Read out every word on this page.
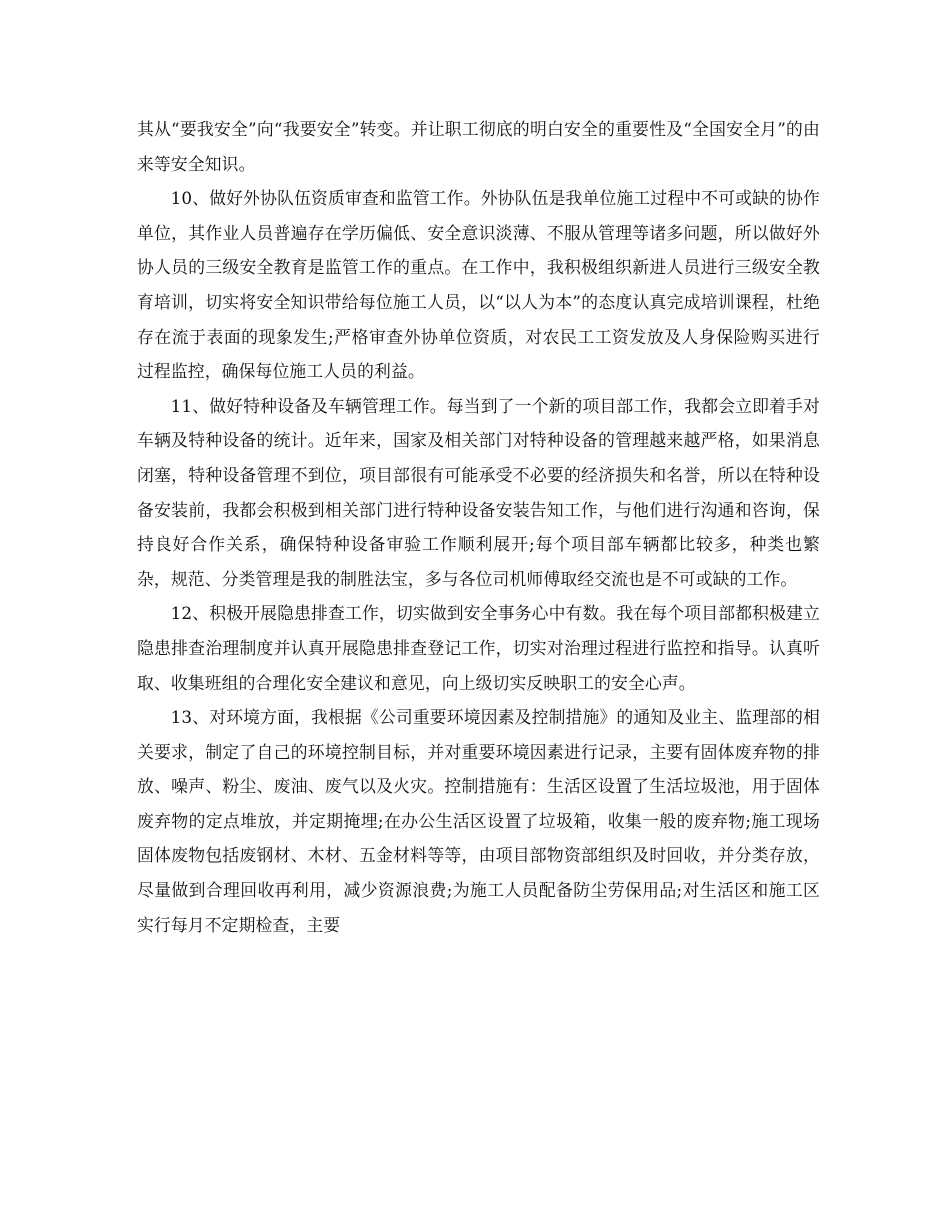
其从“要我安全”向“我要安全”转变。并让职工彻底的明白安全的重要性及“全国安全月”的由来等安全知识。

10、做好外协队伍资质审查和监管工作。外协队伍是我单位施工过程中不可或缺的协作单位，其作业人员普遍存在学历偏低、安全意识淡薄、不服从管理等诸多问题，所以做好外协人员的三级安全教育是监管工作的重点。在工作中，我积极组织新进人员进行三级安全教育培训，切实将安全知识带给每位施工人员，以“以人为本”的态度认真完成培训课程，杜绝存在流于表面的现象发生;严格审查外协单位资质，对农民工工资发放及人身保险购买进行过程监控，确保每位施工人员的利益。

11、做好特种设备及车辆管理工作。每当到了一个新的项目部工作，我都会立即着手对车辆及特种设备的统计。近年来，国家及相关部门对特种设备的管理越来越严格，如果消息闭塞，特种设备管理不到位，项目部很有可能承受不必要的经济损失和名誉，所以在特种设备安装前，我都会积极到相关部门进行特种设备安装告知工作，与他们进行沟通和咨询，保持良好合作关系，确保特种设备审验工作顺利展开;每个项目部车辆都比较多，种类也繁杂，规范、分类管理是我的制胜法宝，多与各位司机师傅取经交流也是不可或缺的工作。

12、积极开展隐患排查工作，切实做到安全事务心中有数。我在每个项目部都积极建立隐患排查治理制度并认真开展隐患排查登记工作，切实对治理过程进行监控和指导。认真听取、收集班组的合理化安全建议和意见，向上级切实反映职工的安全心声。

13、对环境方面，我根据《公司重要环境因素及控制措施》的通知及业主、监理部的相关要求，制定了自己的环境控制目标，并对重要环境因素进行记录，主要有固体废弃物的排放、噪声、粉尘、废油、废气以及火灾。控制措施有：生活区设置了生活垃圾池，用于固体废弃物的定点堆放，并定期掩埋;在办公生活区设置了垃圾箱，收集一般的废弃物;施工现场固体废物包括废钢材、木材、五金材料等等，由项目部物资部组织及时回收，并分类存放，尽量做到合理回收再利用，减少资源浪费;为施工人员配备防尘劳保用品;对生活区和施工区实行每月不定期检查，主要
